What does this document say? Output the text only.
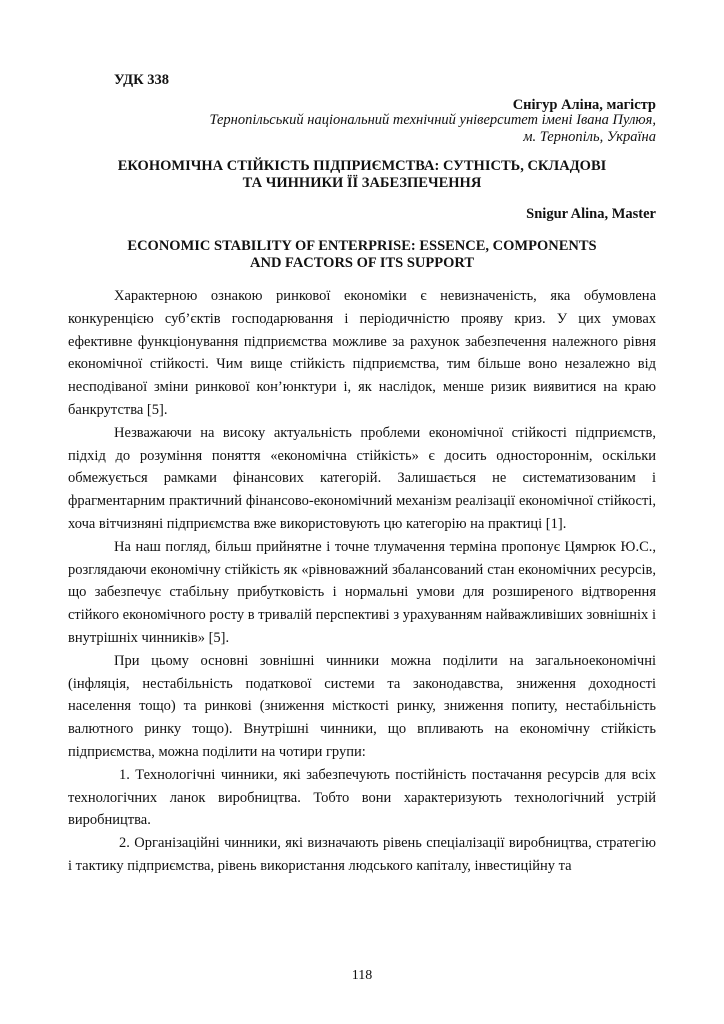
УДК 338
Снігур Аліна, магістр
Тернопільський національний технічний університет імені Івана Пулюя,
м. Тернопіль, Україна
ЕКОНОМІЧНА СТІЙКІСТЬ ПІДПРИЄМСТВА: СУТНІСТЬ, СКЛАДОВІ
ТА ЧИННИКИ ЇЇ ЗАБЕЗПЕЧЕННЯ
Snigur Alina, Master
ECONOMIC STABILITY OF ENTERPRISE: ESSENCE, COMPONENTS
AND FACTORS OF ITS SUPPORT

Характерною ознакою ринкової економіки є невизначеність, яка обумовлена конкуренцією суб’єктів господарювання і періодичністю прояву криз. У цих умовах ефективне функціонування підприємства можливе за рахунок забезпечення належного рівня економічної стійкості. Чим вище стійкість підприємства, тим більше воно незалежно від несподіваної зміни ринкової кон’юнктури і, як наслідок, менше ризик виявитися на краю банкрутства [5].

Незважаючи на високу актуальність проблеми економічної стійкості підприємств, підхід до розуміння поняття «економічна стійкість» є досить одностороннім, оскільки обмежується рамками фінансових категорій. Залишається не систематизованим і фрагментарним практичний фінансово-економічний механізм реалізації економічної стійкості, хоча вітчизняні підприємства вже використовують цю категорію на практиці [1].

На наш погляд, більш прийнятне і точне тлумачення терміна пропонує Цямрюк Ю.С., розглядаючи економічну стійкість як «рівноважний збалансований стан економічних ресурсів, що забезпечує стабільну прибутковість і нормальні умови для розширеного відтворення стійкого економічного росту в тривалій перспективі з урахуванням найважливіших зовнішніх і внутрішніх чинників» [5].

При цьому основні зовнішні чинники можна поділити на загальноекономічні (інфляція, нестабільність податкової системи та законодавства, зниження доходності населення тощо) та ринкові (зниження місткості ринку, зниження попиту, нестабільність валютного ринку тощо). Внутрішні чинники, що впливають на економічну стійкість підприємства, можна поділити на чотири групи:

1. Технологічні чинники, які забезпечують постійність постачання ресурсів для всіх технологічних ланок виробництва. Тобто вони характеризують технологічний устрій виробництва.

2. Організаційні чинники, які визначають рівень спеціалізації виробництва, стратегію і тактику підприємства, рівень використання людського капіталу, інвестиційну та

118
